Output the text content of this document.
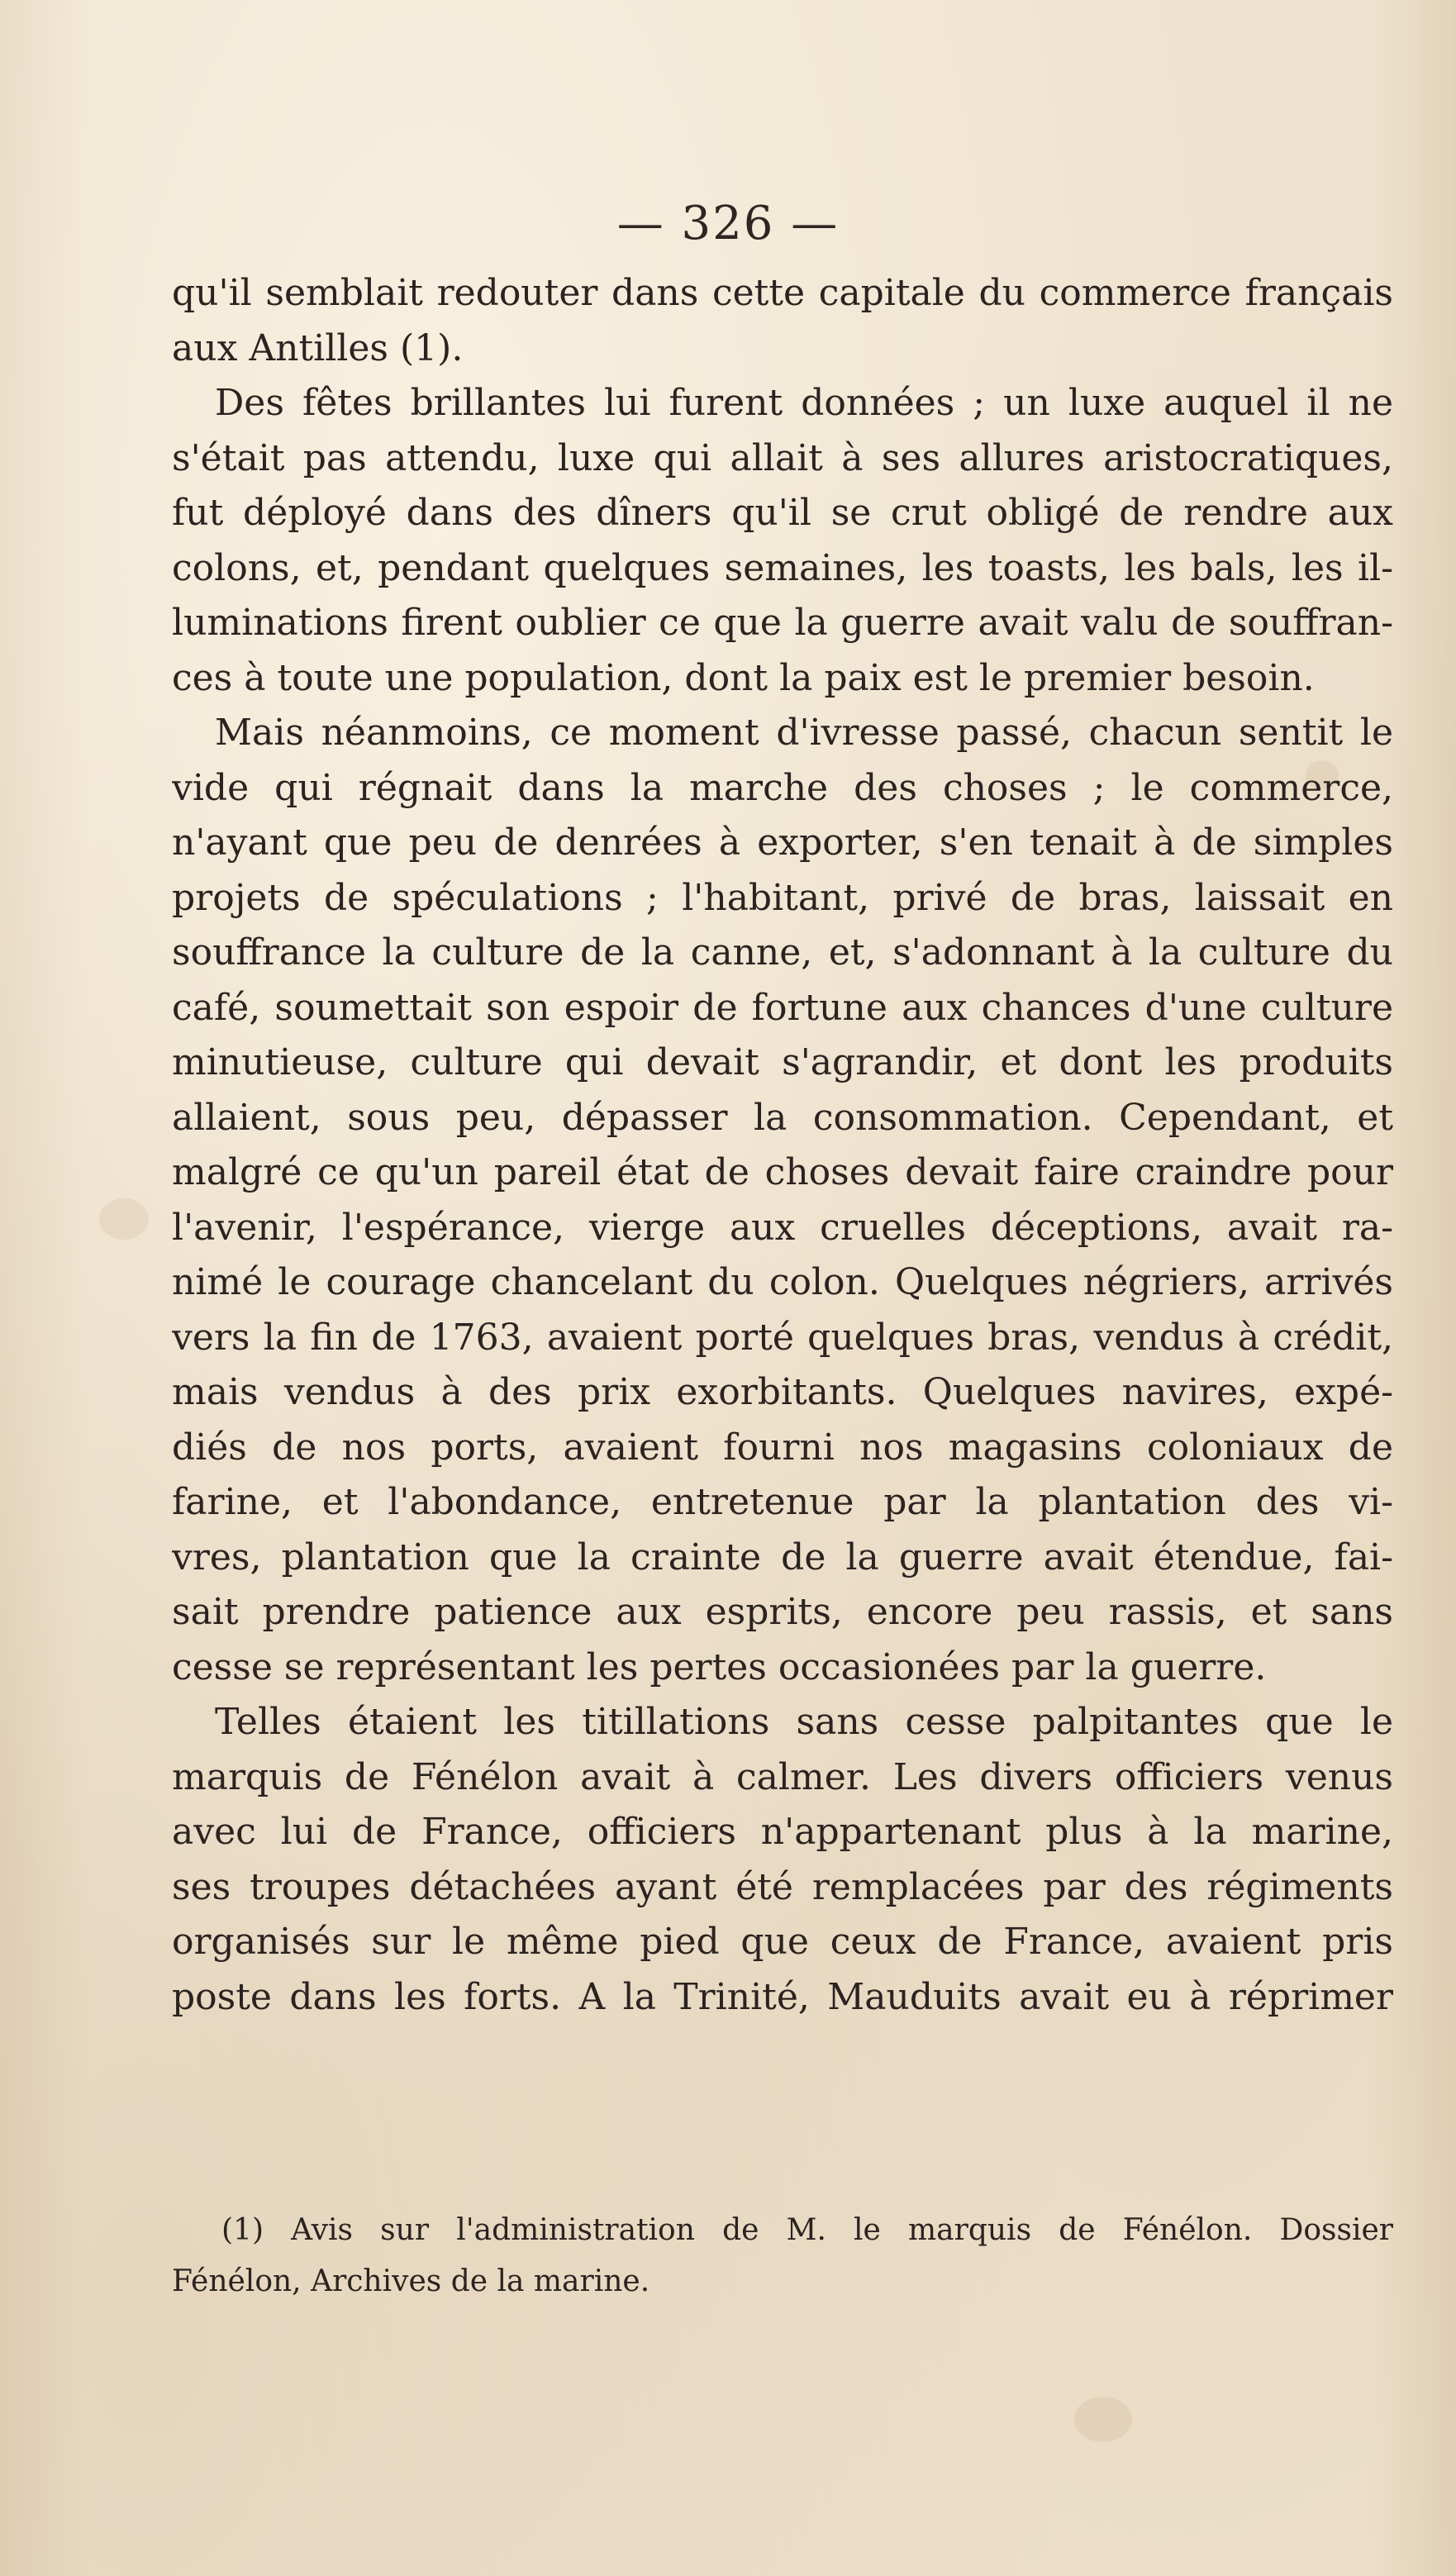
— 326 —
qu'il semblait redouter dans cette capitale du commerce français
aux Antilles (1).
Des fêtes brillantes lui furent données ; un luxe auquel il ne
s'était pas attendu, luxe qui allait à ses allures aristocratiques,
fut déployé dans des dîners qu'il se crut obligé de rendre aux
colons, et, pendant quelques semaines, les toasts, les bals, les il-
luminations firent oublier ce que la guerre avait valu de souffran-
ces à toute une population, dont la paix est le premier besoin.
Mais néanmoins, ce moment d'ivresse passé, chacun sentit le
vide qui régnait dans la marche des choses ; le commerce,
n'ayant que peu de denrées à exporter, s'en tenait à de simples
projets de spéculations ; l'habitant, privé de bras, laissait en
souffrance la culture de la canne, et, s'adonnant à la culture du
café, soumettait son espoir de fortune aux chances d'une culture
minutieuse, culture qui devait s'agrandir, et dont les produits
allaient, sous peu, dépasser la consommation. Cependant, et
malgré ce qu'un pareil état de choses devait faire craindre pour
l'avenir, l'espérance, vierge aux cruelles déceptions, avait ra-
nimé le courage chancelant du colon. Quelques négriers, arrivés
vers la fin de 1763, avaient porté quelques bras, vendus à crédit,
mais vendus à des prix exorbitants. Quelques navires, expé-
diés de nos ports, avaient fourni nos magasins coloniaux de
farine, et l'abondance, entretenue par la plantation des vi-
vres, plantation que la crainte de la guerre avait étendue, fai-
sait prendre patience aux esprits, encore peu rassis, et sans
cesse se représentant les pertes occasionées par la guerre.
Telles étaient les titillations sans cesse palpitantes que le
marquis de Fénélon avait à calmer. Les divers officiers venus
avec lui de France, officiers n'appartenant plus à la marine,
ses troupes détachées ayant été remplacées par des régiments
organisés sur le même pied que ceux de France, avaient pris
poste dans les forts. A la Trinité, Mauduits avait eu à réprimer
(1) Avis sur l'administration de M. le marquis de Fénélon. Dossier
Fénélon, Archives de la marine.
